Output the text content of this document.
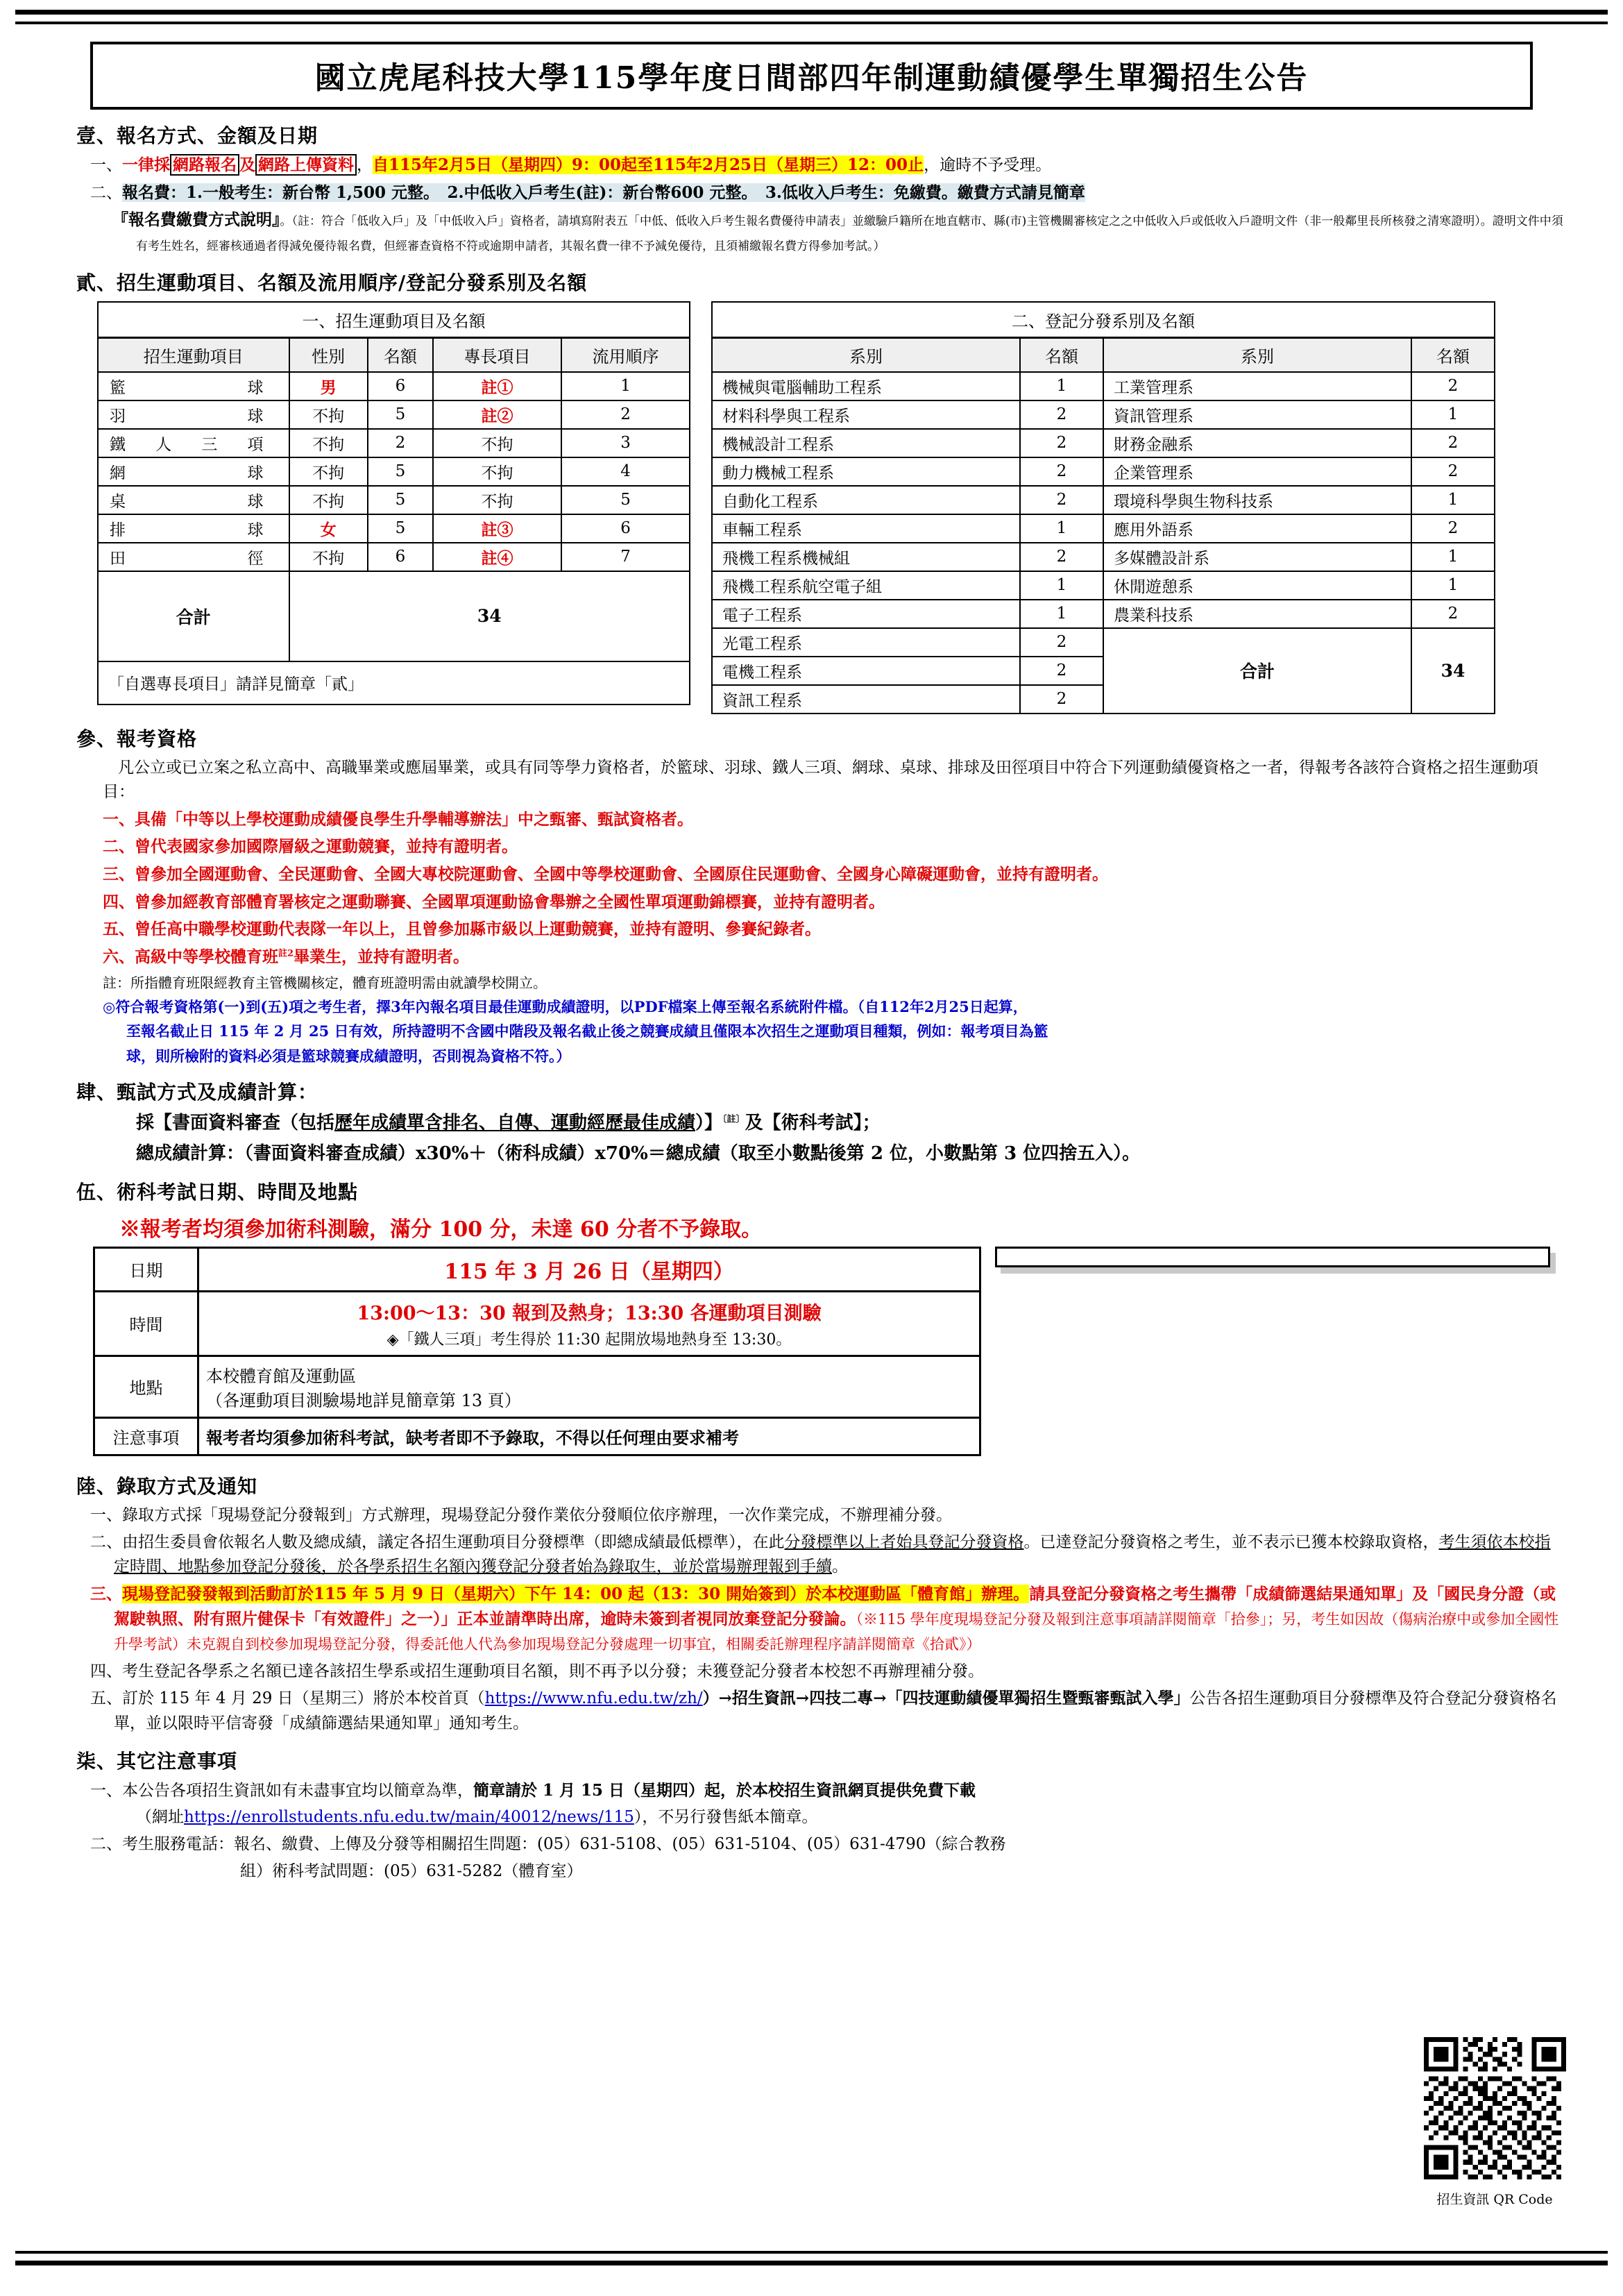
國立虎尾科技大學115學年度日間部四年制運動績優學生單獨招生公告
壹、報名方式、金額及日期
一、一律採 網路報名 及 網路上傳資料 ，自115年2月5日（星期四）9：00起至115年2月25日（星期三）12：00止，逾時不予受理。
二、報名費：1.一般考生：新台幣 1,500 元整。　2.中低收入戶考生(註)：新台幣600 元整。　3.低收入戶考生：免繳費。繳費方式請見簡章
『報名費繳費方式說明』。（註：符合「低收入戶」及「中低收入戶」資格者，請填寫附表五「中低、低收入戶考生報名費優待申請表」並繳驗戶籍所在地直轄市、縣(市)主管機關審核定之之中低收入戶或低收入戶證明文件（非一般鄰里長所核發之清寒證明）。證明文件中須有考生姓名，經審核通過者得減免優待報名費，但經審查資格不符或逾期申請者，其報名費一律不予減免優待，且須補繳報名費方得參加考試。）
貳、招生運動項目、名額及流用順序/登記分發系別及名額
一、招生運動項目及名額				
招生運動項目	性別	名額	專長項目	流用順序
籃球	男	6	註①	1
羽球	不拘	5	註②	2
鐵人三項	不拘	2	不拘	3
網球	不拘	5	不拘	4
桌球	不拘	5	不拘	5
排球	女	5	註③	6
田徑	不拘	6	註④	7
合計	34			
「自選專長項目」請詳見簡章「貳」				
二、登記分發系別及名額			
系別	名額	系別	名額
機械與電腦輔助工程系	1	工業管理系	2
材料科學與工程系	2	資訊管理系	1
機械設計工程系	2	財務金融系	2
動力機械工程系	2	企業管理系	2
自動化工程系	2	環境科學與生物科技系	1
車輛工程系	1	應用外語系	2
飛機工程系機械組	2	多媒體設計系	1
飛機工程系航空電子組	1	休閒遊憩系	1
電子工程系	1	農業科技系	2
光電工程系	2	合計	34
電機工程系	2		
資訊工程系	2		
參、報考資格
凡公立或已立案之私立高中、高職畢業或應屆畢業，或具有同等學力資格者，於籃球、羽球、鐵人三項、網球、桌球、排球及田徑項目中符合下列運動績優資格之一者，得報考各該符合資格之招生運動項目：
一、具備「中等以上學校運動成績優良學生升學輔導辦法」中之甄審、甄試資格者。
二、曾代表國家參加國際層級之運動競賽，並持有證明者。
三、曾參加全國運動會、全民運動會、全國大專校院運動會、全國中等學校運動會、全國原住民運動會、全國身心障礙運動會，並持有證明者。
四、曾參加經教育部體育署核定之運動聯賽、全國單項運動協會舉辦之全國性單項運動錦標賽，並持有證明者。
五、曾任高中職學校運動代表隊一年以上，且曾參加縣市級以上運動競賽，並持有證明、參賽紀錄者。
六、高級中等學校體育班$^{註2}$畢業生，並持有證明者。
註：所指體育班限經教育主管機關核定，體育班證明需由就讀學校開立。
◎符合報考資格第(一)到(五)項之考生者，擇3年內報名項目最佳運動成績證明，以PDF檔案上傳至報名系統附件檔。（自112年2月25日起算，
至報名截止日 115 年 2 月 25 日有效，所持證明不含國中階段及報名截止後之競賽成績且僅限本次招生之運動項目種類，例如：報考項目為籃
球，則所檢附的資料必須是籃球競賽成績證明，否則視為資格不符。）
肆、甄試方式及成績計算：
採【書面資料審查（包括歷年成績單含排名、自傳、運動經歷最佳成績）】$^{〔註〕}$及【術科考試】；
總成績計算：（書面資料審查成績）x30%＋（術科成績）x70%＝總成績（取至小數點後第 2 位，小數點第 3 位四捨五入）。
伍、術科考試日期、時間及地點
※報考者均須參加術科測驗，滿分 100 分，未達 60 分者不予錄取。
日期	115 年 3 月 26 日（星期四）
時間	13:00～13：30 報到及熱身；13:30 各運動項目測驗
◈「鐵人三項」考生得於 11:30 起開放場地熱身至 13:30。

地點	本校體育館及運動區
（各運動項目測驗場地詳見簡章第 13 頁）

注意事項	報考者均須參加術科考試，缺考者即不予錄取，不得以任何理由要求補考
陸、錄取方式及通知
一、錄取方式採「現場登記分發報到」方式辦理，現場登記分發作業依分發順位依序辦理，一次作業完成，不辦理補分發。
二、由招生委員會依報名人數及總成績，議定各招生運動項目分發標準（即總成績最低標準），在此分發標準以上者始具登記分發資格。已達登記分發資格之考生，並不表示已獲本校錄取資格，考生須依本校指定時間、地點參加登記分發後，於各學系招生名額內獲登記分發者始為錄取生，並於當場辦理報到手續。
三、現場登記發發報到活動訂於115 年 5 月 9 日（星期六）下午 14：00 起（13：30 開始簽到）於本校運動區「體育館」辦理。請具登記分發資格之考生攜帶「成績篩選結果通知單」及「國民身分證（或駕駛執照、附有照片健保卡「有效證件」之一）」正本並請準時出席，逾時未簽到者視同放棄登記分發論。（※115 學年度現場登記分發及報到注意事項請詳閱簡章「拾參」；另，考生如因故（傷病治療中或參加全國性升學考試）未克親自到校參加現場登記分發，得委託他人代為參加現場登記分發處理一切事宜，相關委託辦理程序請詳閱簡章《拾貳》）
四、考生登記各學系之名額已達各該招生學系或招生運動項目名額，則不再予以分發；未獲登記分發者本校恕不再辦理補分發。
五、訂於 115 年 4 月 29 日（星期三）將於本校首頁（https://www.nfu.edu.tw/zh/）→招生資訊→四技二專→「四技運動績優單獨招生暨甄審甄試入學」公告各招生運動項目分發標準及符合登記分發資格名單，並以限時平信寄發「成績篩選結果通知單」通知考生。
柒、其它注意事項
一、本公告各項招生資訊如有未盡事宜均以簡章為準，簡章請於 1 月 15 日（星期四）起，於本校招生資訊網頁提供免費下載
（網址https://enrollstudents.nfu.edu.tw/main/40012/news/115），不另行發售紙本簡章。
二、考生服務電話：報名、繳費、上傳及分發等相關招生問題：(05）631-5108、(05）631-5104、(05）631-4790（綜合教務
組）術科考試問題：(05）631-5282（體育室）
招生資訊 QR Code
